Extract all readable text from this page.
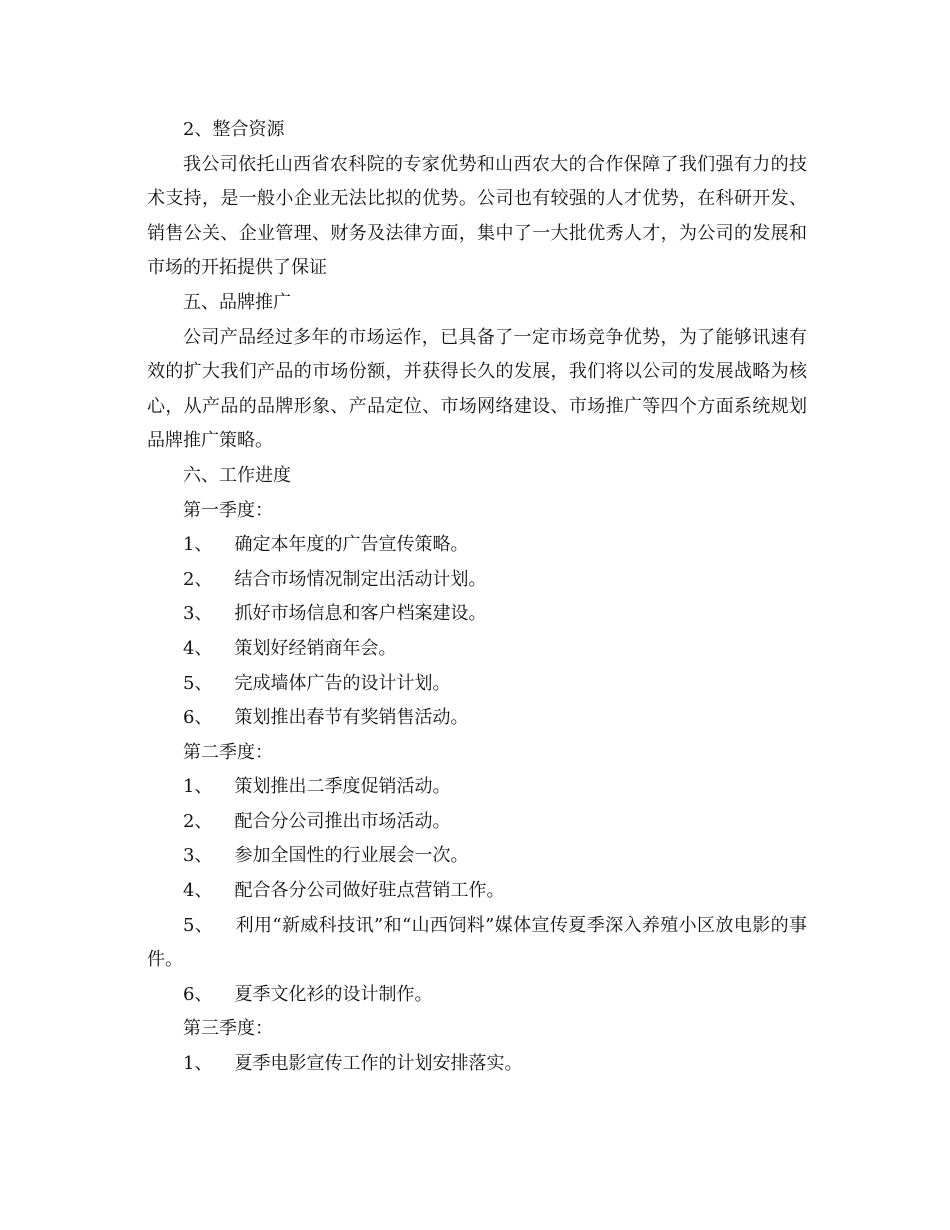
2、整合资源

我公司依托山西省农科院的专家优势和山西农大的合作保障了我们强有力的技术支持，是一般小企业无法比拟的优势。公司也有较强的人才优势，在科研开发、销售公关、企业管理、财务及法律方面，集中了一大批优秀人才，为公司的发展和市场的开拓提供了保证

五、品牌推广

公司产品经过多年的市场运作，已具备了一定市场竞争优势，为了能够讯速有效的扩大我们产品的市场份额，并获得长久的发展，我们将以公司的发展战略为核心，从产品的品牌形象、产品定位、市场网络建设、市场推广等四个方面系统规划品牌推广策略。

六、工作进度

第一季度：

1、 确定本年度的广告宣传策略。

2、 结合市场情况制定出活动计划。

3、 抓好市场信息和客户档案建设。

4、 策划好经销商年会。

5、 完成墙体广告的设计计划。

6、 策划推出春节有奖销售活动。

第二季度：

1、 策划推出二季度促销活动。

2、 配合分公司推出市场活动。

3、 参加全国性的行业展会一次。

4、 配合各分公司做好驻点营销工作。

5、 利用“新威科技讯”和“山西饲料”媒体宣传夏季深入养殖小区放电影的事件。

6、 夏季文化衫的设计制作。

第三季度：

1、 夏季电影宣传工作的计划安排落实。
